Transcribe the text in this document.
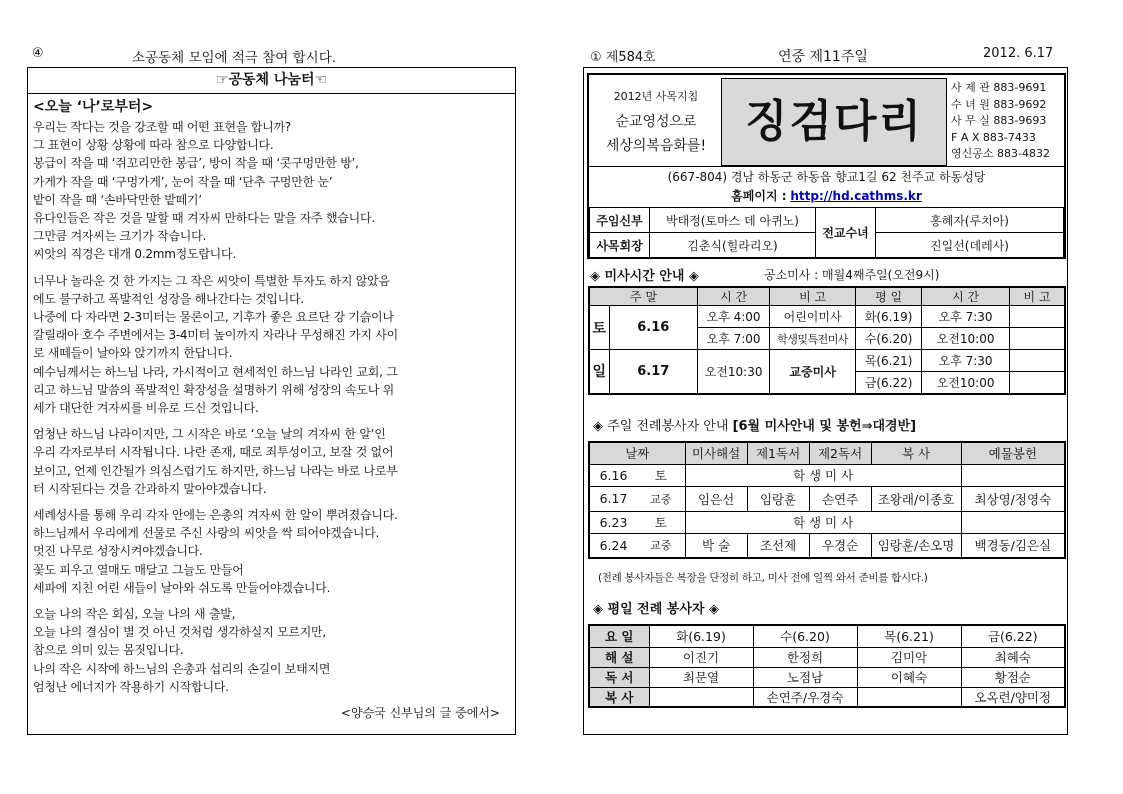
④	소공동체 모임에 적극 참여 합시다.
☞공동체 나눔터☜
<오늘 ‘나’로부터>
우리는 작다는 것을 강조할 때 어떤 표현을 합니까?
그 표현이 상황 상황에 따라 참으로 다양합니다.
봉급이 작을 때 ‘쥐꼬리만한 봉급’, 방이 작을 때 ‘콧구멍만한 방’,
가게가 작을 때 ‘구멍가게’, 눈이 작을 때 ‘단추 구멍만한 눈’
밭이 작을 때 ‘손바닥만한 밭떼기’
유다인들은 작은 것을 말할 때 겨자씨 만하다는 말을 자주 했습니다.
그만큼 겨자씨는 크기가 작습니다.
씨앗의 직경은 대개 0.2mm정도랍니다.
너무나 놀라운 것 한 가지는 그 작은 씨앗이 특별한 투자도 하지 않았음
에도 불구하고 폭발적인 성장을 해나간다는 것입니다.
나중에 다 자라면 2-3미터는 물론이고, 기후가 좋은 요르단 강 기슭이나
갈릴래아 호수 주변에서는 3-4미터 높이까지 자라나 무성해진 가지 사이
로 새떼들이 날아와 앉기까지 한답니다.
예수님께서는 하느님 나라, 가시적이고 현세적인 하느님 나라인 교회, 그
리고 하느님 말씀의 폭발적인 확장성을 설명하기 위해 성장의 속도나 위
세가 대단한 겨자씨를 비유로 드신 것입니다.
엄청난 하느님 나라이지만, 그 시작은 바로 ‘오늘 날의 겨자씨 한 알’인
우리 각자로부터 시작됩니다. 나란 존재, 때로 죄투성이고, 보잘 것 없어
보이고, 언제 인간될가 의심스럽기도 하지만, 하느님 나라는 바로 나로부
터 시작된다는 것을 간과하지 말아야겠습니다.
세례성사를 통해 우리 각자 안에는 은총의 겨자씨 한 알이 뿌려졌습니다.
하느님께서 우리에게 선물로 주신 사랑의 씨앗을 싹 틔어야겠습니다.
멋진 나무로 성장시켜야겠습니다.
꽃도 피우고 열매도 매달고 그늘도 만들어
세파에 지친 어린 새들이 날아와 쉬도록 만들어야겠습니다.
오늘 나의 작은 회심, 오늘 나의 새 출발,
오늘 나의 결심이 별 것 아닌 것처럼 생각하실지 모르지만,
참으로 의미 있는 몸짓입니다.
나의 작은 시작에 하느님의 은총과 섭리의 손길이 보태지면
엄청난 에너지가 작용하기 시작합니다.
<양승국 신부님의 글 중에서>
① 제584호	연중 제11주일	2012. 6.17
2012년 사목지침
순교영성으로
세상의복음화를! 징검다리
사 제 관 883-9691
수 녀 원 883-9692
사 무 실 883-9693
F A X 883-7433
영신공소 883-4832
(667-804) 경남 하동군 하동읍 향교1길 62 천주교 하동성당
홈페이지 : http://hd.cathms.kr
주임신부	박태정(토마스 데 아퀴노)	전교수녀	홍혜자(루치아)
사목회장	김춘식(힐라리오)		진일선(데레사)
◈ 미사시간 안내 ◈	공소미사 : 매월4째주일(오전9시)
주 말		시 간	비 고	평 일	시 간	비 고
토	6.16	오후 4:00	어린이미사	화(6.19)	오후 7:30	
		오후 7:00	학생및특전미사	수(6.20)	오전10:00	
일	6.17	오전10:30	교중미사	목(6.21)	오후 7:30	
				금(6.22)	오전10:00	
◈ 주일 전례봉사자 안내 [6월 미사안내 및 봉헌⇒대경반]
날짜		미사해설	제1독서	제2독서	복 사	예물봉헌
6.16	토	학 생 미 사				
6.17	교중	임은선	임랑훈	손연주	조왕래/이종호	최상영/정영숙
6.23	토	학 생 미 사				
6.24	교중	박 술	조선제	우경순	임랑훈/손오명	백경동/김은실
(전례 봉사자들은 복장을 단정히 하고, 미사 전에 일찍 와서 준비를 합시다.)
◈ 평일 전례 봉사자 ◈
요 일	화(6.19)	수(6.20)	목(6.21)	금(6.22)
해 설	이진기	한정희	김미악	최혜숙
독 서	최문열	노점남	이혜숙	황점순
복 사		손연주/우경숙		오옥련/양미정
